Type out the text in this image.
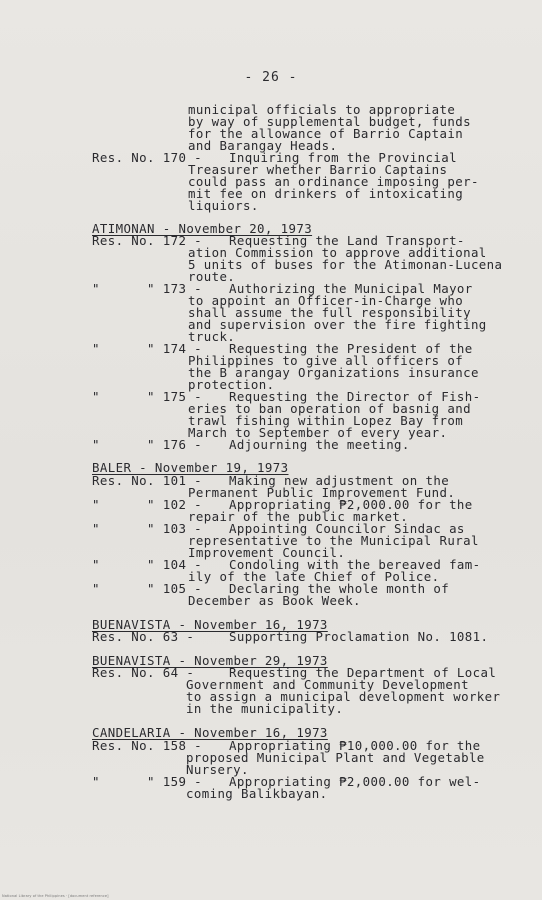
- 26 -
municipal officials to appropriate
by way of supplemental budget, funds
for the allowance of Barrio Captain
and Barangay Heads.
Res. No. 170 - Inquiring from the Provincial
Treasurer whether Barrio Captains
could pass an ordinance imposing per-
mit fee on drinkers of intoxicating
liquiors.
ATIMONAN - November 20, 1973
Res. No. 172 - Requesting the Land Transport-
ation Commission to approve additional
5 units of buses for the Atimonan-Lucena
route.
"      " 173 - Authorizing the Municipal Mayor
to appoint an Officer-in-Charge who
shall assume the full responsibility
and supervision over the fire fighting
truck.
"      " 174 - Requesting the President of the
Philippines to give all officers of
the B arangay Organizations insurance
protection.
"      " 175 - Requesting the Director of Fish-
eries to ban operation of basnig and
trawl fishing within Lopez Bay from
March to September of every year.
"      " 176 - Adjourning the meeting.
BALER - November 19, 1973
Res. No. 101 - Making new adjustment on the
Permanent Public Improvement Fund.
"      " 102 - Appropriating ₱2,000.00 for the
repair of the public market.
"      " 103 - Appointing Councilor Sindac as
representative to the Municipal Rural
Improvement Council.
"      " 104 - Condoling with the bereaved fam-
ily of the late Chief of Police.
"      " 105 - Declaring the whole month of
December as Book Week.
BUENAVISTA - November 16, 1973
Res. No. 63 -	Supporting Proclamation No. 1081.
BUENAVISTA - November 29, 1973
Res. No. 64 -	Requesting the Department of Local
Government and Community Development
to assign a municipal development worker
in the municipality.
CANDELARIA - November 16, 1973
Res. No. 158 - Appropriating ₱10,000.00 for the
proposed Municipal Plant and Vegetable
Nursery.
"      " 159 - Appropriating ₱2,000.00 for wel-
coming Balikbayan.
National Library of the Philippines · [document reference]
